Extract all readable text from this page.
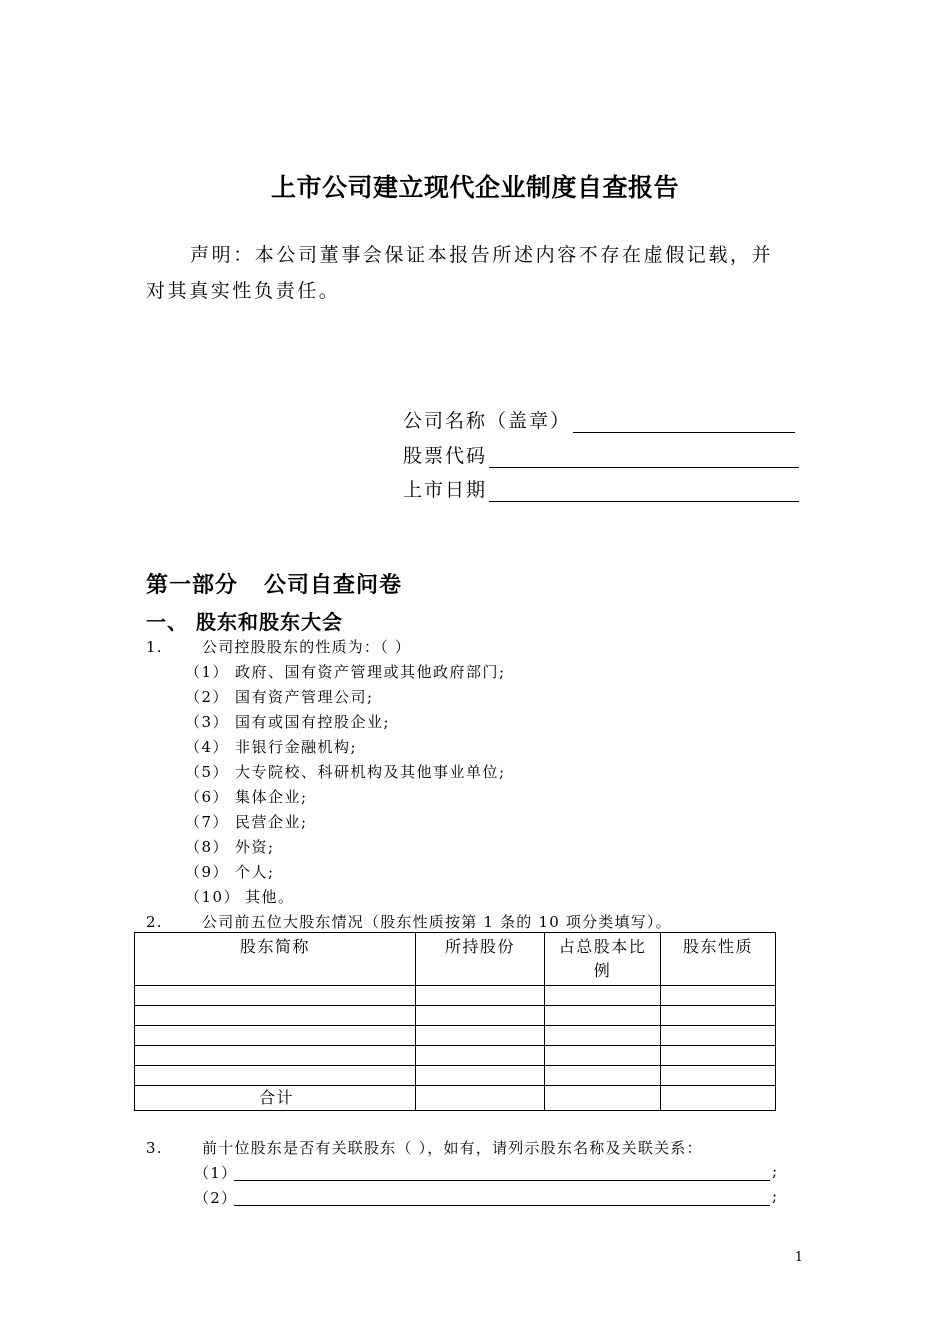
上市公司建立现代企业制度自查报告
声明：本公司董事会保证本报告所述内容不存在虚假记载，并
对其真实性负责任。
公司名称（盖章）
股票代码
上市日期
第一部分 公司自查问卷
一、 股东和股东大会
1.	公司控股股东的性质为：（ ）
（1） 政府、国有资产管理或其他政府部门;
（2） 国有资产管理公司;
（3） 国有或国有控股企业;
（4） 非银行金融机构;
（5） 大专院校、科研机构及其他事业单位;
（6） 集体企业;
（7） 民营企业;
（8） 外资;
（9） 个人;
（10） 其他。
2.	公司前五位大股东情况（股东性质按第 1 条的 10 项分类填写）。
股东简称	所持股份	占总股本比例	股东性质

合计			
3.	前十位股东是否有关联股东（ ），如有，请列示股东名称及关联关系：
（1）	;
（2）	;
1
